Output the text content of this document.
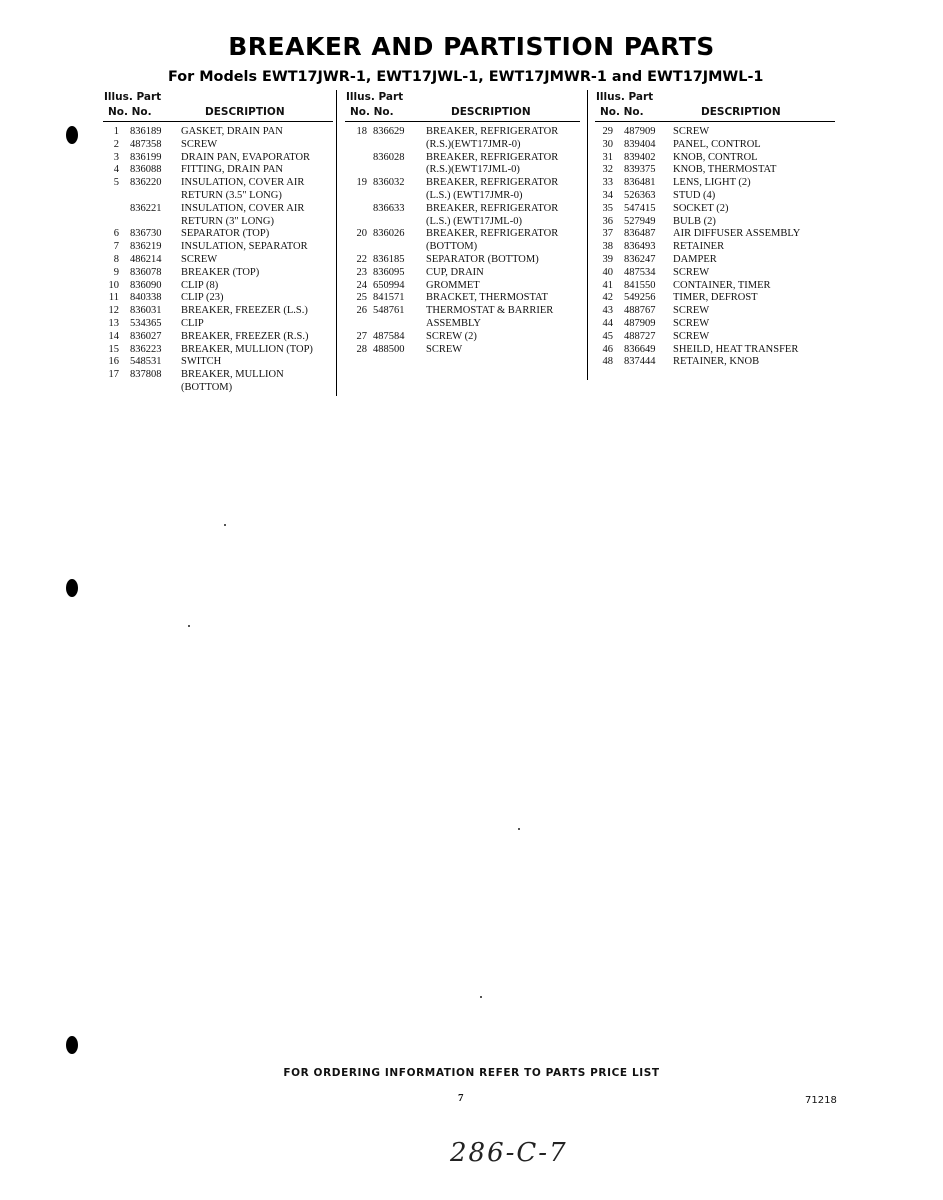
BREAKER AND PARTISTION PARTS
For Models EWT17JWR-1, EWT17JWL-1, EWT17JMWR-1 and EWT17JMWL-1
Illus. Part
No. No.	DESCRIPTION
1 836189 GASKET, DRAIN PAN
2 487358 SCREW
3 836199 DRAIN PAN, EVAPORATOR
4 836088 FITTING, DRAIN PAN
5 836220 INSULATION, COVER AIR
RETURN (3.5" LONG)
836221 INSULATION, COVER AIR
RETURN (3" LONG)
6 836730 SEPARATOR (TOP)
7 836219 INSULATION, SEPARATOR
8 486214 SCREW
9 836078 BREAKER (TOP)
10 836090 CLIP (8)
11 840338 CLIP (23)
12 836031 BREAKER, FREEZER (L.S.)
13 534365 CLIP
14 836027 BREAKER, FREEZER (R.S.)
15 836223 BREAKER, MULLION (TOP)
16 548531 SWITCH
17 837808 BREAKER, MULLION
(BOTTOM)
Illus. Part
No. No.	DESCRIPTION
18 836629 BREAKER, REFRIGERATOR
(R.S.)(EWT17JMR-0)
836028 BREAKER, REFRIGERATOR
(R.S.)(EWT17JML-0)
19 836032 BREAKER, REFRIGERATOR
(L.S.) (EWT17JMR-0)
836633 BREAKER, REFRIGERATOR
(L.S.) (EWT17JML-0)
20 836026 BREAKER, REFRIGERATOR
(BOTTOM)
22 836185 SEPARATOR (BOTTOM)
23 836095 CUP, DRAIN
24 650994 GROMMET
25 841571 BRACKET, THERMOSTAT
26 548761 THERMOSTAT & BARRIER
ASSEMBLY
27 487584 SCREW (2)
28 488500 SCREW
Illus. Part
No. No.	DESCRIPTION
29 487909 SCREW
30 839404 PANEL, CONTROL
31 839402 KNOB, CONTROL
32 839375 KNOB, THERMOSTAT
33 836481 LENS, LIGHT (2)
34 526363 STUD (4)
35 547415 SOCKET (2)
36 527949 BULB (2)
37 836487 AIR DIFFUSER ASSEMBLY
38 836493 RETAINER
39 836247 DAMPER
40 487534 SCREW
41 841550 CONTAINER, TIMER
42 549256 TIMER, DEFROST
43 488767 SCREW
44 487909 SCREW
45 488727 SCREW
46 836649 SHEILD, HEAT TRANSFER
48 837444 RETAINER, KNOB
FOR ORDERING INFORMATION REFER TO PARTS PRICE LIST
7	71218
286-C-7
